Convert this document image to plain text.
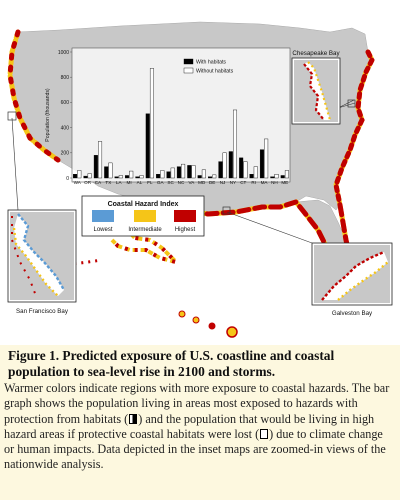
Population (thousands)
0
200
400
600
800
1000
WA OR CA TX LA MI AL FL GA SC NC VA MD DE NJ NY CT RI MA NH ME
With habitats
Without habitats
Coastal Hazard Index
Lowest	Intermediate Highest
Chesapeake Bay
San Francisco Bay	Galveston Bay

Figure 1. Predicted exposure of U.S. coastline and coastal population to sea-level rise in 2100 and storms.

Warmer colors indicate regions with more exposure to coastal hazards. The bar graph shows the population living in areas most exposed to hazards with protection from habitats ( ) and the population that would be living in high hazard areas if protective coastal habitats were lost ( ) due to climate change or human impacts. Data depicted in the inset maps are zoomed-in views of the nationwide analysis.
